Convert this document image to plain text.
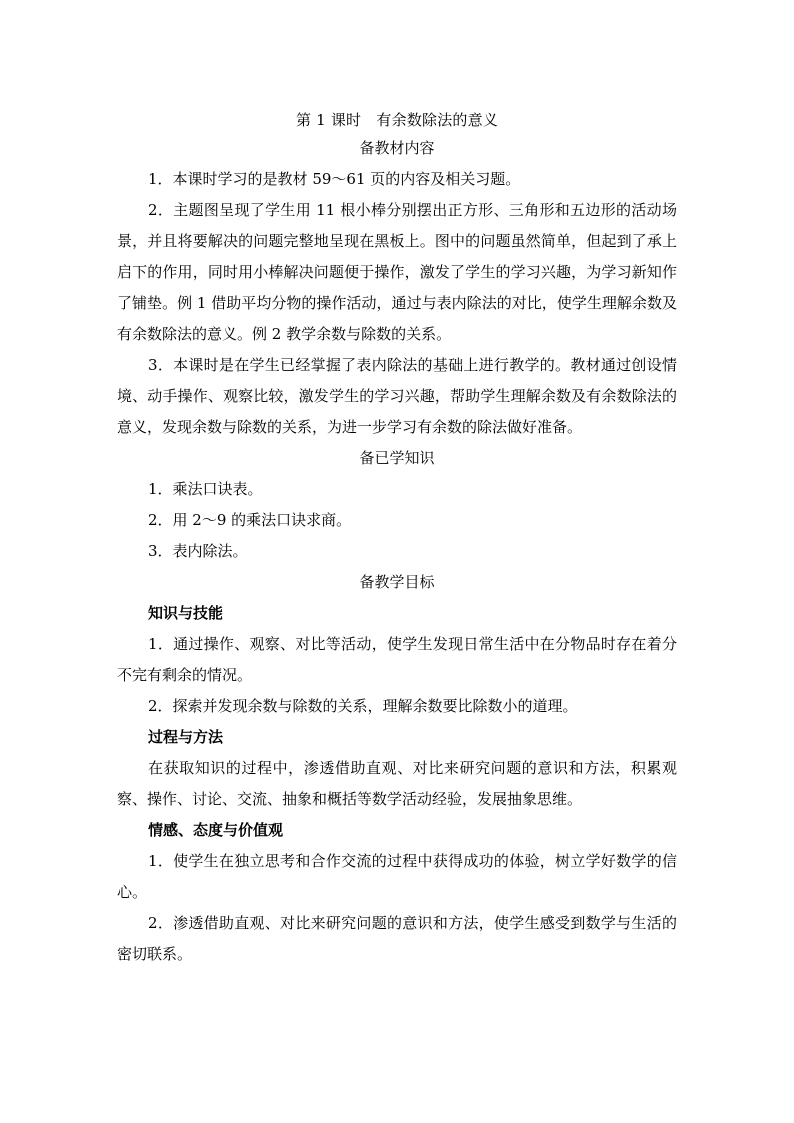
第 1 课时　有余数除法的意义
备教材内容

1．本课时学习的是教材 59～61 页的内容及相关习题。

2．主题图呈现了学生用 11 根小棒分别摆出正方形、三角形和五边形的活动场景，并且将要解决的问题完整地呈现在黑板上。图中的问题虽然简单，但起到了承上启下的作用，同时用小棒解决问题便于操作，激发了学生的学习兴趣，为学习新知作了铺垫。例 1 借助平均分物的操作活动，通过与表内除法的对比，使学生理解余数及有余数除法的意义。例 2 教学余数与除数的关系。

3．本课时是在学生已经掌握了表内除法的基础上进行教学的。教材通过创设情境、动手操作、观察比较，激发学生的学习兴趣，帮助学生理解余数及有余数除法的意义，发现余数与除数的关系，为进一步学习有余数的除法做好准备。

备已学知识

1．乘法口诀表。

2．用 2～9 的乘法口诀求商。

3．表内除法。

备教学目标

知识与技能

1．通过操作、观察、对比等活动，使学生发现日常生活中在分物品时存在着分不完有剩余的情况。

2．探索并发现余数与除数的关系，理解余数要比除数小的道理。

过程与方法

在获取知识的过程中，渗透借助直观、对比来研究问题的意识和方法，积累观察、操作、讨论、交流、抽象和概括等数学活动经验，发展抽象思维。

情感、态度与价值观

1．使学生在独立思考和合作交流的过程中获得成功的体验，树立学好数学的信心。

2．渗透借助直观、对比来研究问题的意识和方法，使学生感受到数学与生活的密切联系。
